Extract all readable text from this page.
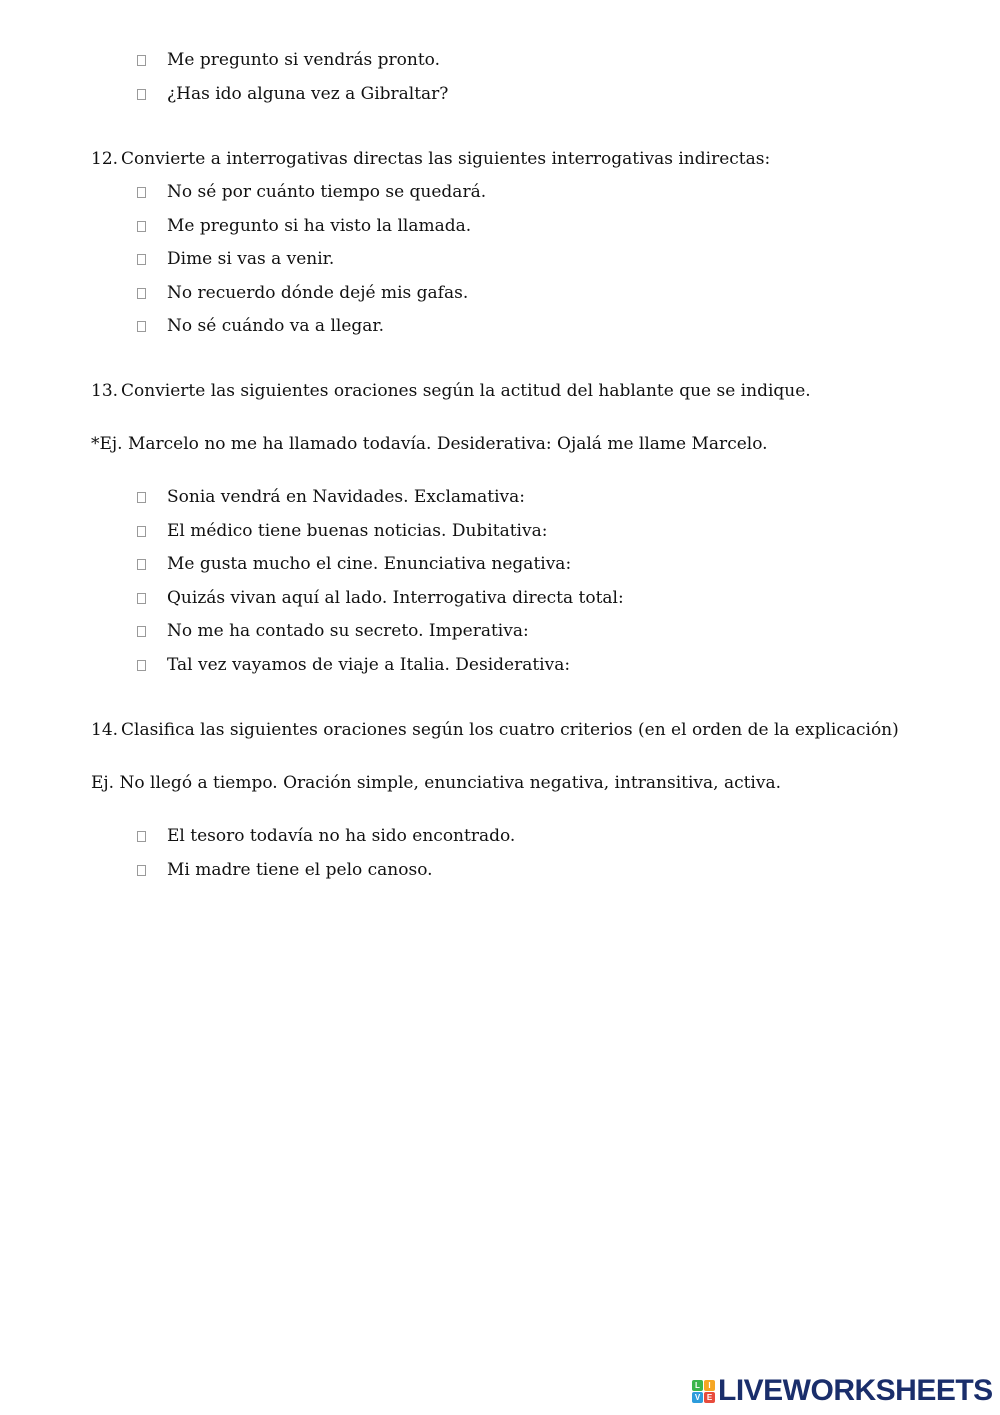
Me pregunto si vendrás pronto.
¿Has ido alguna vez a Gibraltar?
12. Convierte a interrogativas directas las siguientes interrogativas indirectas:
No sé por cuánto tiempo se quedará.
Me pregunto si ha visto la llamada.
Dime si vas a venir.
No recuerdo dónde dejé mis gafas.
No sé cuándo va a llegar.
13. Convierte las siguientes oraciones según la actitud del hablante que se indique.
*Ej. Marcelo no me ha llamado todavía. Desiderativa: Ojalá me llame Marcelo.
Sonia vendrá en Navidades. Exclamativa:
El médico tiene buenas noticias. Dubitativa:
Me gusta mucho el cine. Enunciativa negativa:
Quizás vivan aquí al lado. Interrogativa directa total:
No me ha contado su secreto. Imperativa:
Tal vez vayamos de viaje a Italia. Desiderativa:
14. Clasifica las siguientes oraciones según los cuatro criterios (en el orden de la explicación)
Ej. No llegó a tiempo. Oración simple, enunciativa negativa, intransitiva, activa.
El tesoro todavía no ha sido encontrado.
Mi madre tiene el pelo canoso.
L	I
V E LIVEWORKSHEETS
